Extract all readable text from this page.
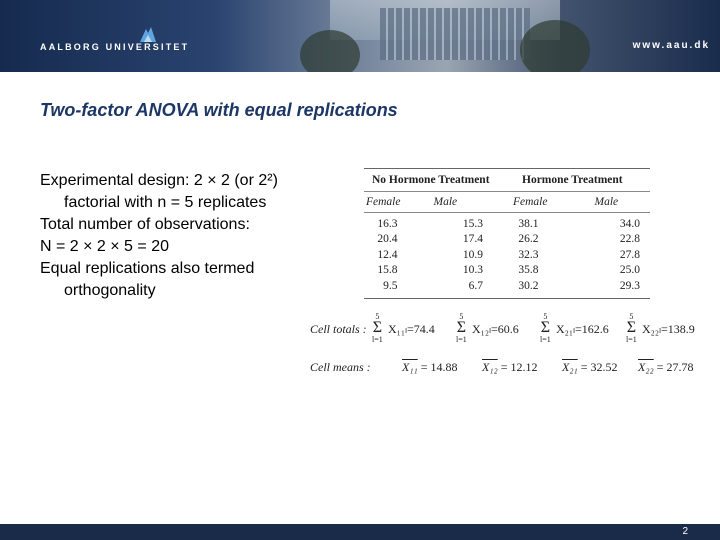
AALBORG UNIVERSITET	www.aau.dk
Two-factor ANOVA with equal replications
Experimental design: 2 × 2 (or 2²)
factorial with n = 5 replicates
Total number of observations:
N = 2 × 2 × 5 = 20
Equal replications also termed
orthogonality
No Hormone Treatment	Hormone Treatment
Female	Male	Female	Male
16.3	15.3	38.1	34.0
20.4	17.4	26.2	22.8
12.4	10.9	32.3	27.8
15.8	10.3	35.8	25.0
9.5	6.7	30.2	29.3
Cell totals :
5
Σ
l=1
X₁₁ₗ=74.4
5
Σ
l=1
X₁₂ₗ=60.6
5
Σ
l=1
X₂₁ₗ=162.6
5
Σ
l=1
X₂₂ₗ=138.9
Cell means :	X₁₁ = 14.88 X₁₂ = 12.12 X₂₁ = 32.52 X₂₂ = 27.78
2
